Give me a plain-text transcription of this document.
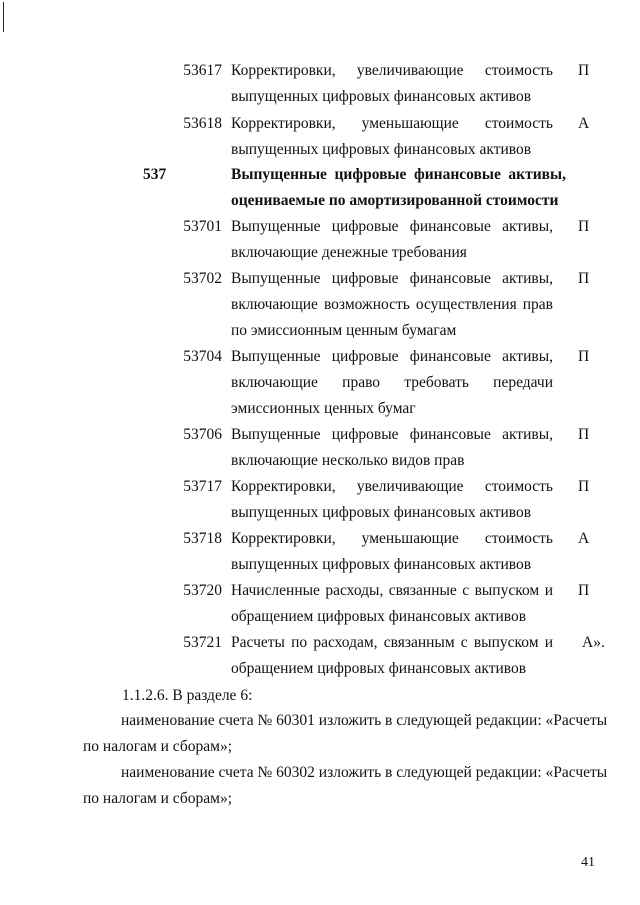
53617 Корректировки, увеличивающие стоимость
выпущенных цифровых финансовых активов
П
53618 Корректировки, уменьшающие стоимость
выпущенных цифровых финансовых активов
А
537	Выпущенные цифровые финансовые активы,
оцениваемые по амортизированной стоимости
53701 Выпущенные цифровые финансовые активы,
включающие денежные требования
П
53702 Выпущенные цифровые финансовые активы,
включающие возможность осуществления прав
по эмиссионным ценным бумагам
П
53704 Выпущенные цифровые финансовые активы,
включающие право требовать передачи
эмиссионных ценных бумаг
П
53706 Выпущенные цифровые финансовые активы,
включающие несколько видов прав
П
53717 Корректировки, увеличивающие стоимость
выпущенных цифровых финансовых активов
П
53718 Корректировки, уменьшающие стоимость
выпущенных цифровых финансовых активов
А
53720 Начисленные расходы, связанные с выпуском и
обращением цифровых финансовых активов
П
53721 Расчеты по расходам, связанным с выпуском и
обращением цифровых финансовых активов
А».
1.1.2.6. В разделе 6:
наименование счета № 60301 изложить в следующей редакции: «Расчеты
по налогам и сборам»;
наименование счета № 60302 изложить в следующей редакции: «Расчеты
по налогам и сборам»;
41
